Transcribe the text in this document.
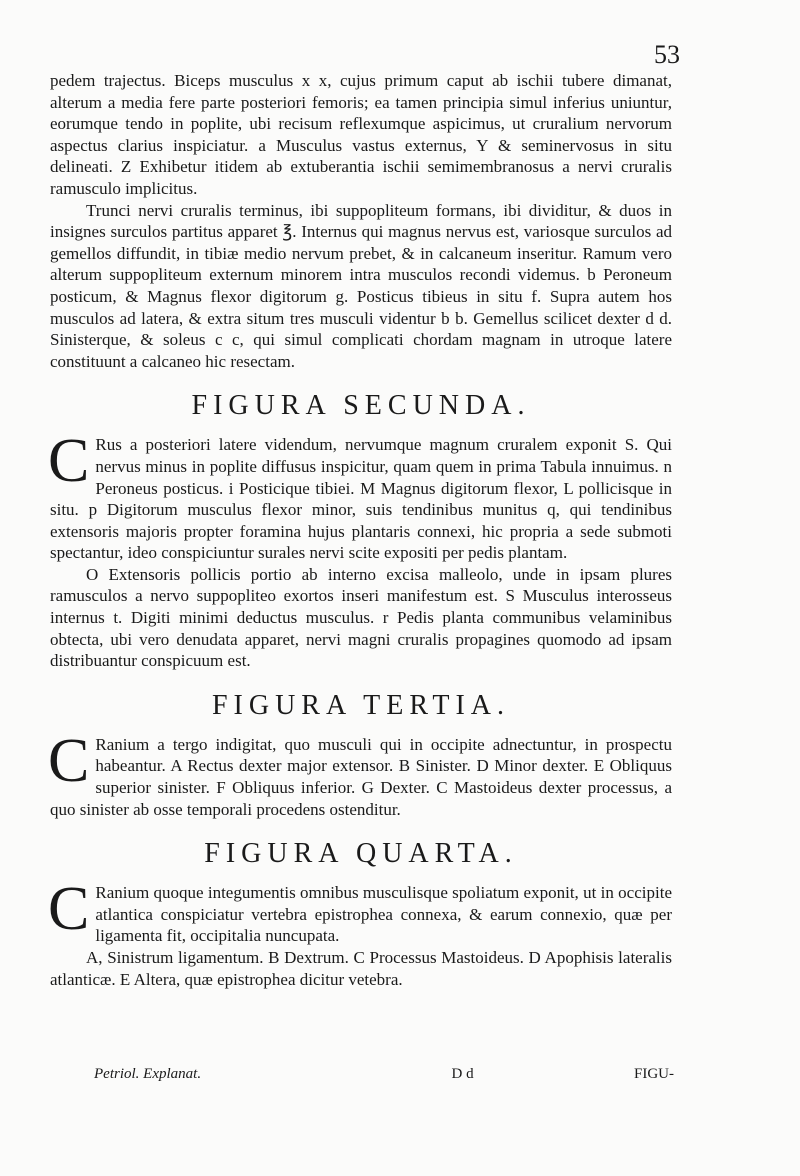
53

pedem trajectus. Biceps musculus x x, cujus primum caput ab ischii tubere dimanat, alterum a media fere parte posteriori femoris; ea tamen principia simul inferius uniuntur, eorumque tendo in poplite, ubi recisum reflexumque aspicimus, ut cruralium nervorum aspectus clarius inspiciatur. a Musculus vastus externus, Y & seminervosus in situ delineati. Z Exhibetur itidem ab extuberantia ischii semimembranosus a nervi cruralis ramusculo implicitus.

Trunci nervi cruralis terminus, ibi suppopliteum formans, ibi dividitur, & duos in insignes surculos partitus apparet ℥. Internus qui magnus nervus est, variosque surculos ad gemellos diffundit, in tibiæ medio nervum prebet, & in calcaneum inseritur. Ramum vero alterum suppopliteum externum minorem intra musculos recondi videmus. b Peroneum posticum, & Magnus flexor digitorum g. Posticus tibieus in situ f. Supra autem hos musculos ad latera, & extra situm tres musculi videntur b b. Gemellus scilicet dexter d d. Sinisterque, & soleus c c, qui simul complicati chordam magnam in utroque latere constituunt a calcaneo hic resectam.

FIGURA SECUNDA.

C Rus a posteriori latere videndum, nervumque magnum cruralem exponit S. Qui nervus minus in poplite diffusus inspicitur, quam quem in prima Tabula innuimus. n Peroneus posticus. i Posticique tibiei. M Magnus digitorum flexor, L pollicisque in situ. p Digitorum musculus flexor minor, suis tendinibus munitus q, qui tendinibus extensoris majoris propter foramina hujus plantaris connexi, hic propria a sede submoti spectantur, ideo conspiciuntur surales nervi scite expositi per pedis plantam.

O Extensoris pollicis portio ab interno excisa malleolo, unde in ipsam plures ramusculos a nervo suppopliteo exortos inseri manifestum est. S Musculus interosseus internus t. Digiti minimi deductus musculus. r Pedis planta communibus velaminibus obtecta, ubi vero denudata apparet, nervi magni cruralis propagines quomodo ad ipsam distribuantur conspicuum est.

FIGURA TERTIA.

C Ranium a tergo indigitat, quo musculi qui in occipite adnectuntur, in prospectu habeantur. A Rectus dexter major extensor. B Sinister. D Minor dexter. E Obliquus superior sinister. F Obliquus inferior. G Dexter. C Mastoideus dexter processus, a quo sinister ab osse temporali procedens ostenditur.

FIGURA QUARTA.

C Ranium quoque integumentis omnibus musculisque spoliatum exponit, ut in occipite atlantica conspiciatur vertebra epistrophea connexa, & earum connexio, quæ per ligamenta fit, occipitalia nuncupata.

A, Sinistrum ligamentum. B Dextrum. C Processus Mastoideus. D Apophisis lateralis atlanticæ. E Altera, quæ epistrophea dicitur vetebra.

Petriol. Explanat.	D d	FIGU-
